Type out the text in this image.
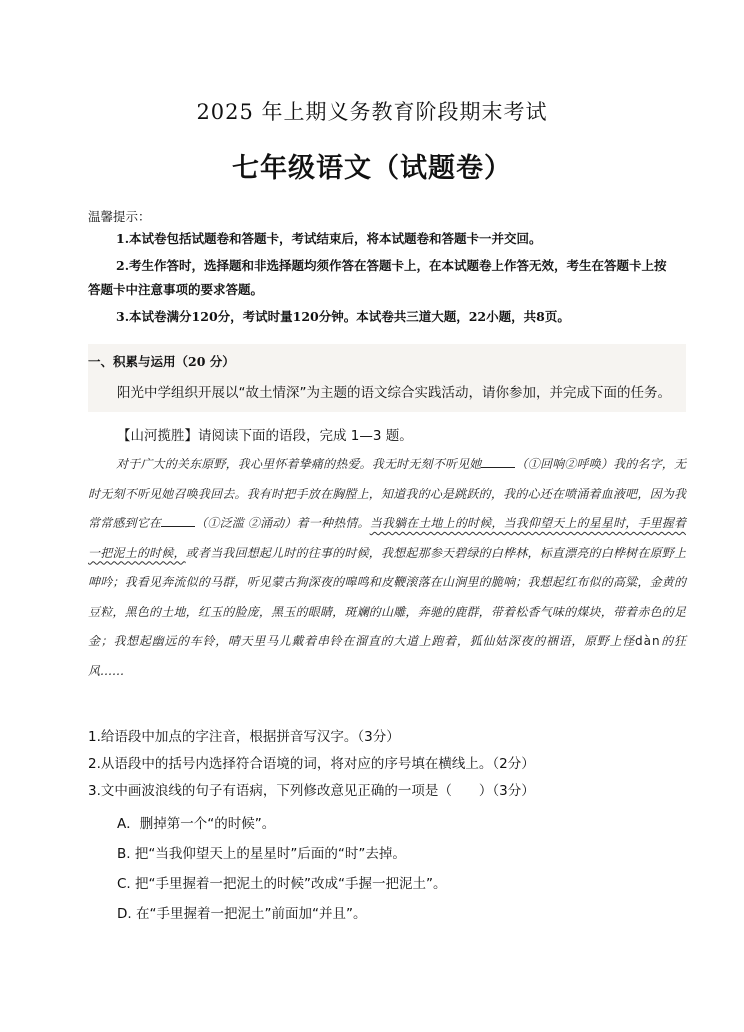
2025 年上期义务教育阶段期末考试
七年级语文（试题卷）
温馨提示：
1.本试卷包括试题卷和答题卡，考试结束后，将本试题卷和答题卡一并交回。
2.考生作答时，选择题和非选择题均须作答在答题卡上，在本试题卷上作答无效，考生在答题卡上按答题卡中注意事项的要求答题。
3.本试卷满分120分，考试时量120分钟。本试卷共三道大题，22小题，共8页。
一、积累与运用（20 分）
阳光中学组织开展以“故土情深”为主题的语文综合实践活动，请你参加，并完成下面的任务。
【山河揽胜】请阅读下面的语段，完成 1—3 题。

对于广大的关东原野，我心里怀着挚痛的热爱。我无时无刻不听见她	（①回响②呼唤）我的名字，无时无刻不听见她召唤我回去。我有时把手放在胸膛上，知道我的心是跳跃的，我的心还在喷涌着血液吧，因为我常常感到它在	（①泛滥 ②涌动）着一种热情。当我躺在土地上的时候，当我仰望天上的星星时，手里握着一把泥土的时候，或者当我回想起儿时的往事的时候，我想起那参天碧绿的白桦林，标直漂亮的白桦树在原野上呻吟；我看见奔流似的马群，听见蒙古狗深夜的嗥鸣和皮鞭滚落在山涧里的脆响；我想起红布似的高粱，金黄的豆粒，黑色的土地，红玉的脸庞，黑玉的眼睛，斑斓的山雕，奔驰的鹿群，带着松香气味的煤块，带着赤色的足金；我想起幽远的车铃，晴天里马儿戴着串铃在溜直的大道上跑着，狐仙姑深夜的祵语，原野上怪dàn的狂风……

1.给语段中加点的字注音，根据拼音写汉字。（3分）
2.从语段中的括号内选择符合语境的词，将对应的序号填在横线上。（2分）
3.文中画波浪线的句子有语病，下列修改意见正确的一项是（　　）（3分）
A．删掉第一个“的时候”。
B. 把“当我仰望天上的星星时”后面的“时”去掉。
C. 把“手里握着一把泥土的时候”改成“手握一把泥土”。
D. 在“手里握着一把泥土”前面加“并且”。
